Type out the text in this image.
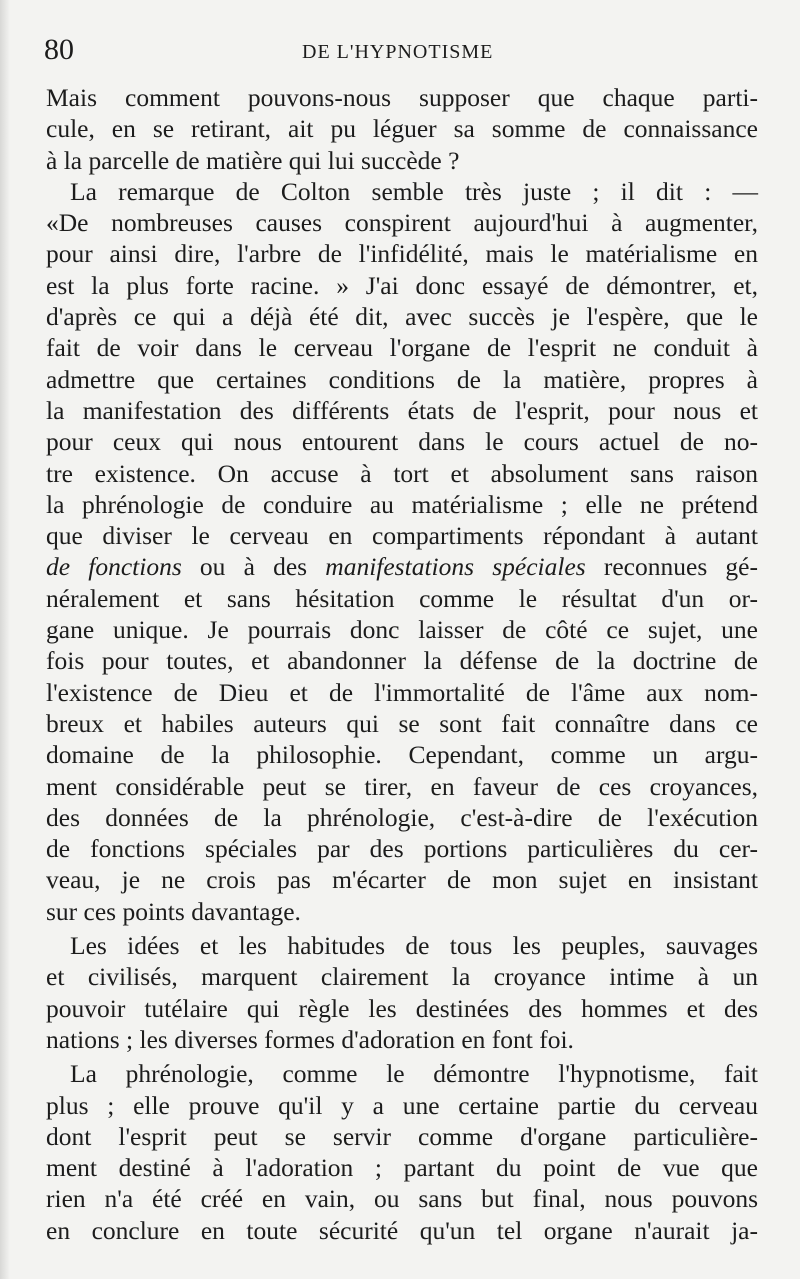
80	DE L'HYPNOTISME
Mais comment pouvons-nous supposer que chaque parti-
cule, en se retirant, ait pu léguer sa somme de connaissance
à la parcelle de matière qui lui succède ?
La remarque de Colton semble très juste ; il dit : —
«De nombreuses causes conspirent aujourd'hui à augmenter,
pour ainsi dire, l'arbre de l'infidélité, mais le matérialisme en
est la plus forte racine. » J'ai donc essayé de démontrer, et,
d'après ce qui a déjà été dit, avec succès je l'espère, que le
fait de voir dans le cerveau l'organe de l'esprit ne conduit à
admettre que certaines conditions de la matière, propres à
la manifestation des différents états de l'esprit, pour nous et
pour ceux qui nous entourent dans le cours actuel de no-
tre existence. On accuse à tort et absolument sans raison
la phrénologie de conduire au matérialisme ; elle ne prétend
que diviser le cerveau en compartiments répondant à autant
de fonctions ou à des manifestations spéciales reconnues gé-
néralement et sans hésitation comme le résultat d'un or-
gane unique. Je pourrais donc laisser de côté ce sujet, une
fois pour toutes, et abandonner la défense de la doctrine de
l'existence de Dieu et de l'immortalité de l'âme aux nom-
breux et habiles auteurs qui se sont fait connaître dans ce
domaine de la philosophie. Cependant, comme un argu-
ment considérable peut se tirer, en faveur de ces croyances,
des données de la phrénologie, c'est-à-dire de l'exécution
de fonctions spéciales par des portions particulières du cer-
veau, je ne crois pas m'écarter de mon sujet en insistant
sur ces points davantage.
Les idées et les habitudes de tous les peuples, sauvages
et civilisés, marquent clairement la croyance intime à un
pouvoir tutélaire qui règle les destinées des hommes et des
nations ; les diverses formes d'adoration en font foi.
La phrénologie, comme le démontre l'hypnotisme, fait
plus ; elle prouve qu'il y a une certaine partie du cerveau
dont l'esprit peut se servir comme d'organe particulière-
ment destiné à l'adoration ; partant du point de vue que
rien n'a été créé en vain, ou sans but final, nous pouvons
en conclure en toute sécurité qu'un tel organe n'aurait ja-
